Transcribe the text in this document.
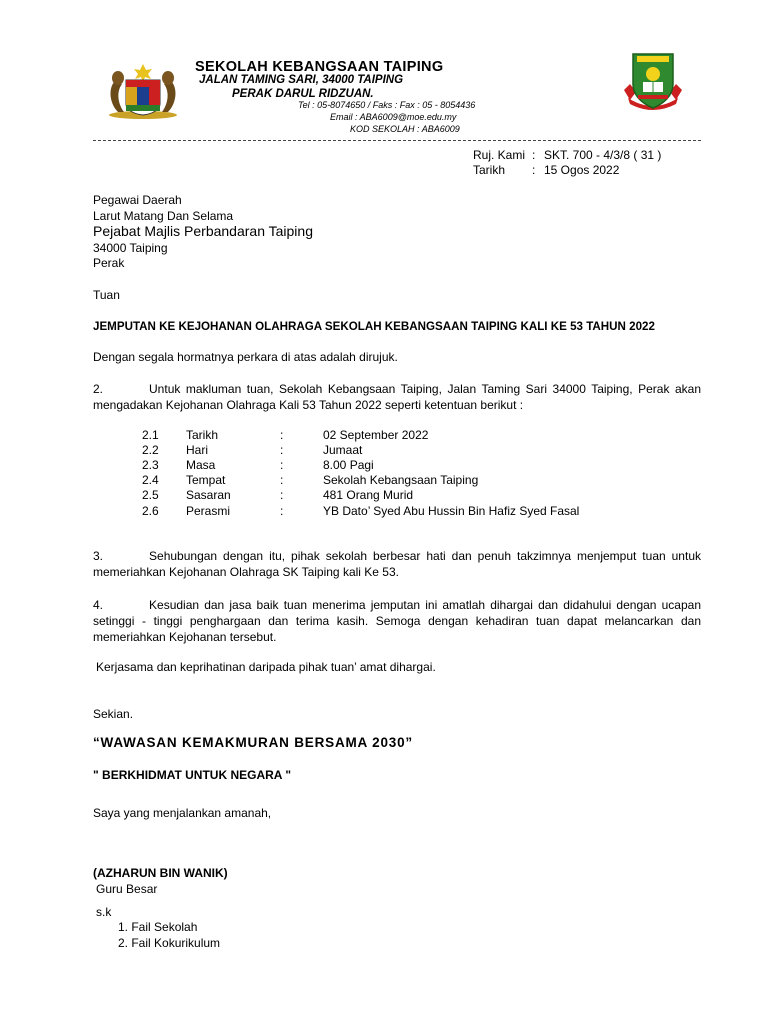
SEKOLAH KEBANGSAAN TAIPING
JALAN TAMING SARI, 34000 TAIPING
PERAK DARUL RIDZUAN.
Tel : 05-8074650 / Faks : Fax : 05 - 8054436
Email : ABA6009@moe.edu.my
KOD SEKOLAH : ABA6009
Ruj. Kami : SKT. 700 - 4/3/8 ( 31 )
Tarikh : 15 Ogos 2022
Pegawai Daerah
Larut Matang Dan Selama
Pejabat Majlis Perbandaran Taiping
34000 Taiping
Perak
Tuan
JEMPUTAN KE KEJOHANAN OLAHRAGA SEKOLAH KEBANGSAAN TAIPING KALI KE 53 TAHUN 2022
Dengan segala hormatnya perkara di atas adalah dirujuk.
2.	Untuk makluman tuan, Sekolah Kebangsaan Taiping, Jalan Taming Sari 34000 Taiping, Perak akan mengadakan Kejohanan Olahraga Kali 53 Tahun 2022 seperti ketentuan berikut :
2.1 Tarikh	:	02 September 2022
2.2 Hari	:	Jumaat
2.3 Masa	:	8.00 Pagi
2.4 Tempat	:	Sekolah Kebangsaan Taiping
2.5 Sasaran	:	481 Orang Murid
2.6 Perasmi	:	YB Dato’ Syed Abu Hussin Bin Hafiz Syed Fasal
3.	Sehubungan dengan itu, pihak sekolah berbesar hati dan penuh takzimnya menjemput tuan untuk memeriahkan Kejohanan Olahraga SK Taiping kali Ke 53.
4.	Kesudian dan jasa baik tuan menerima jemputan ini amatlah dihargai dan didahului dengan ucapan setinggi - tinggi penghargaan dan terima kasih. Semoga dengan kehadiran tuan dapat melancarkan dan memeriahkan Kejohanan tersebut.
Kerjasama dan keprihatinan daripada pihak tuan’ amat dihargai.
Sekian.
“WAWASAN KEMAKMURAN BERSAMA 2030”
" BERKHIDMAT UNTUK NEGARA "
Saya yang menjalankan amanah,
(AZHARUN BIN WANIK)
Guru Besar
s.k
1. Fail Sekolah
2. Fail Kokurikulum
